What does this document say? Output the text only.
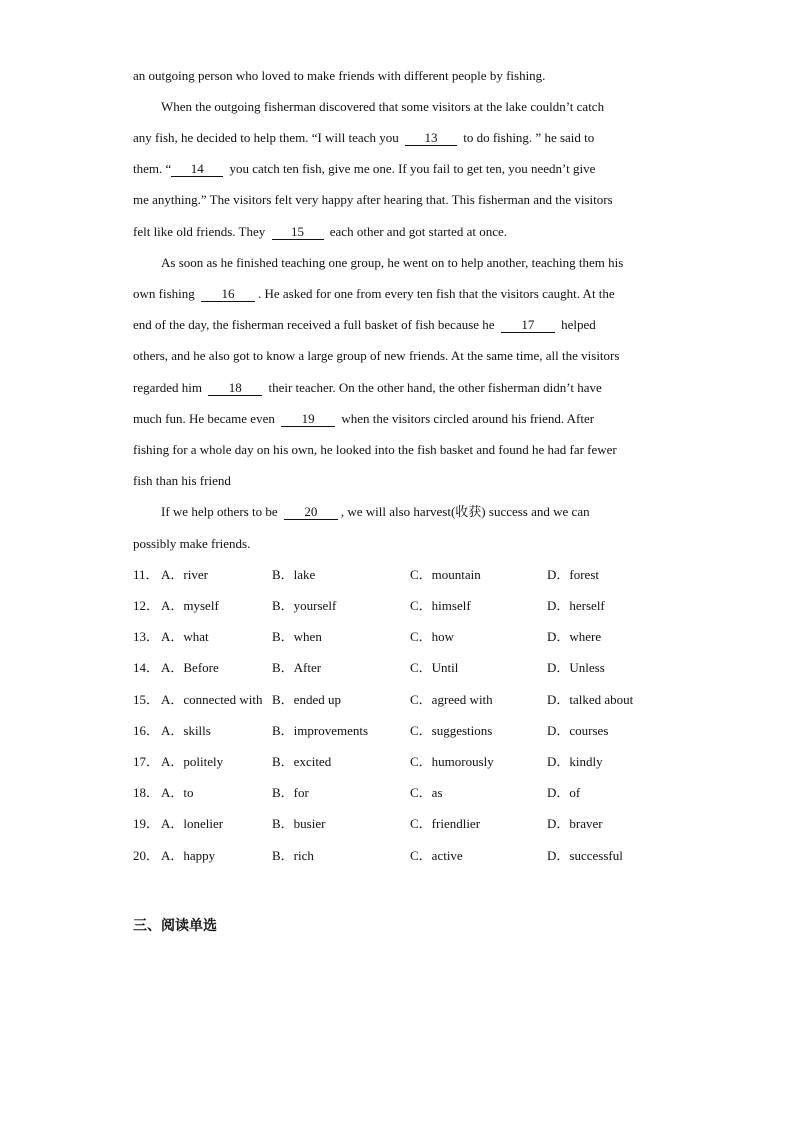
an outgoing person who loved to make friends with different people by fishing.
When the outgoing fisherman discovered that some visitors at the lake couldn’t catch
any fish, he decided to help them. “I will teach you 13 to do fishing. ” he said to
them. “ 14 you catch ten fish, give me one. If you fail to get ten, you needn’t give
me anything.” The visitors felt very happy after hearing that. This fisherman and the visitors
felt like old friends. They 15 each other and got started at once.
As soon as he finished teaching one group, he went on to help another, teaching them his
own fishing 16 . He asked for one from every ten fish that the visitors caught. At the
end of the day, the fisherman received a full basket of fish because he 17 helped
others, and he also got to know a large group of new friends. At the same time, all the visitors
regarded him 18 their teacher. On the other hand, the other fisherman didn’t have
much fun. He became even 19 when the visitors circled around his friend. After
fishing for a whole day on his own, he looked into the fish basket and found he had far fewer
fish than his friend
If we help others to be 20 , we will also harvest(收获) success and we can
possibly make friends.
11． A．river	B．lake	C．mountain	D．forest
12． A．myself	B．yourself	C．himself	D．herself
13． A．what	B．when	C．how	D．where
14． A．Before	B．After	C．Until	D．Unless
15． A．connected with B．ended up	C．agreed with	D．talked about
16． A．skills	B．improvements	C．suggestions	D．courses
17． A．politely	B．excited	C．humorously	D．kindly
18． A．to	B．for	C．as	D．of
19． A．lonelier	B．busier	C．friendlier	D．braver
20． A．happy	B．rich	C．active	D．successful
三、阅读单选
